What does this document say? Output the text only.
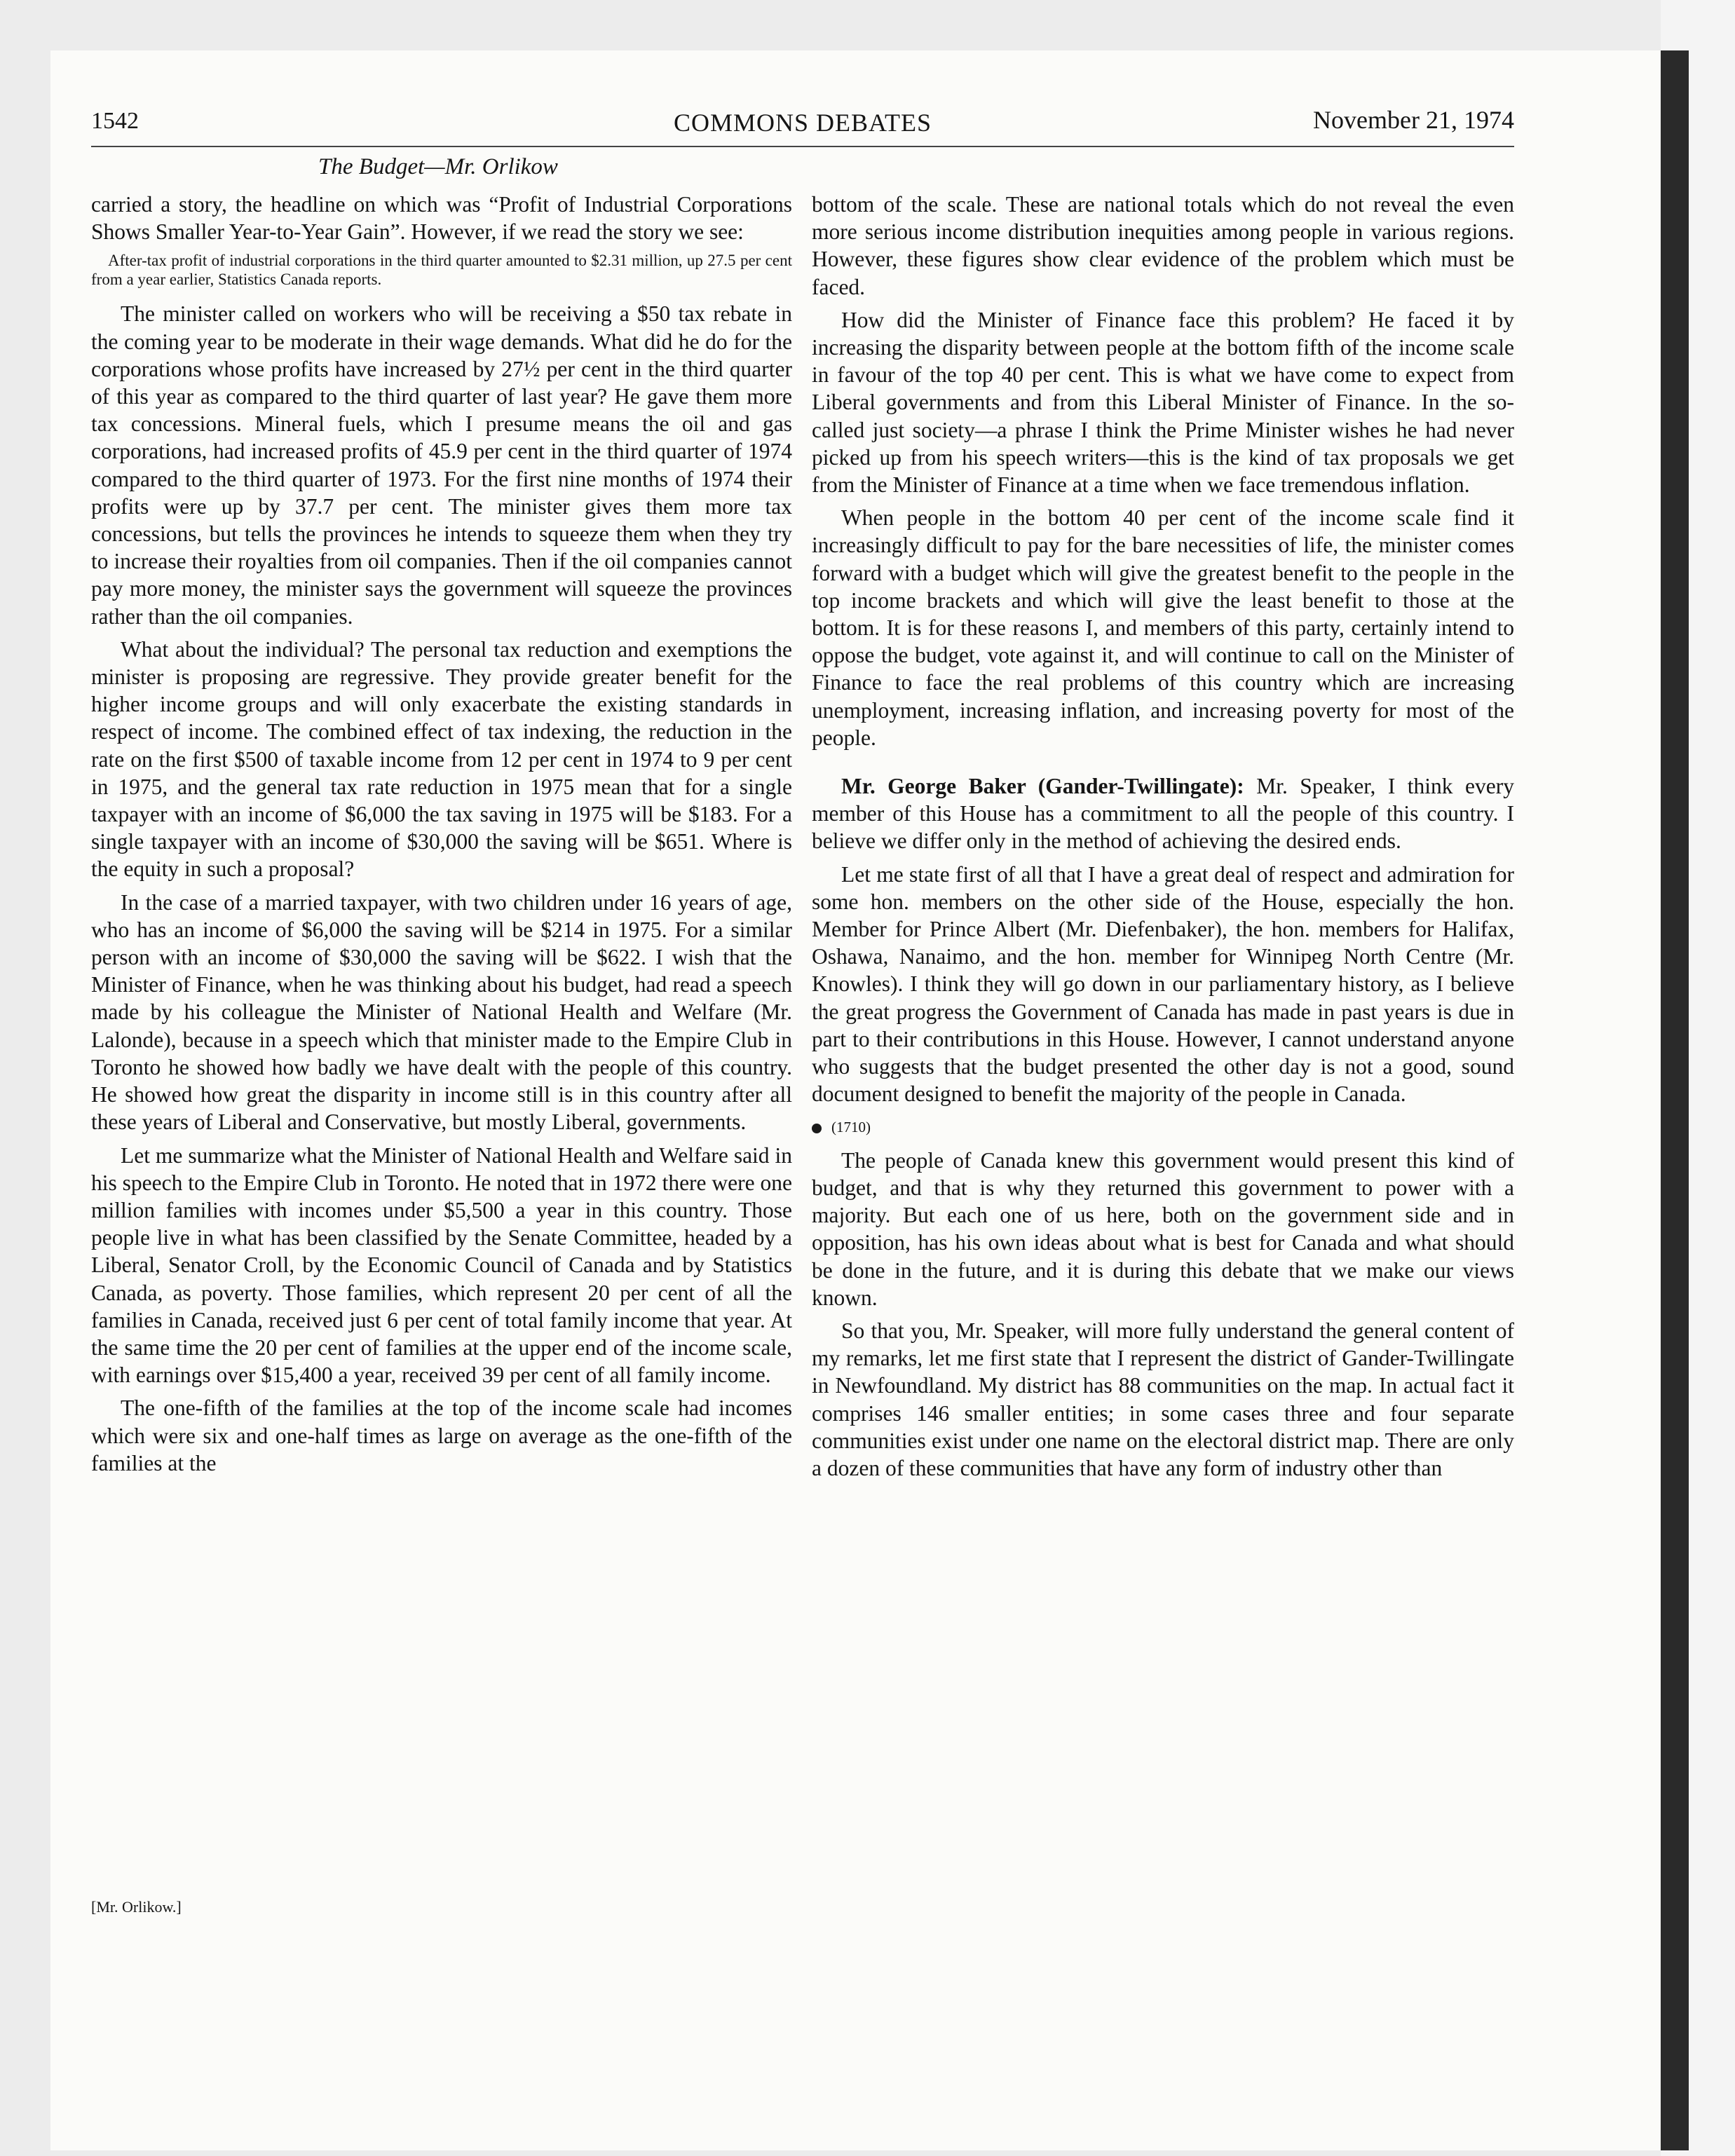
1542	COMMONS DEBATES	November 21, 1974
The Budget—Mr. Orlikow

carried a story, the headline on which was “Profit of Industrial Corporations Shows Smaller Year-to-Year Gain”. However, if we read the story we see:

After-tax profit of industrial corporations in the third quarter amounted to $2.31 million, up 27.5 per cent from a year earlier, Statistics Canada reports.

The minister called on workers who will be receiving a $50 tax rebate in the coming year to be moderate in their wage demands. What did he do for the corporations whose profits have increased by 27½ per cent in the third quarter of this year as compared to the third quarter of last year? He gave them more tax concessions. Mineral fuels, which I presume means the oil and gas corporations, had increased profits of 45.9 per cent in the third quarter of 1974 compared to the third quarter of 1973. For the first nine months of 1974 their profits were up by 37.7 per cent. The minister gives them more tax concessions, but tells the provinces he intends to squeeze them when they try to increase their royalties from oil companies. Then if the oil companies cannot pay more money, the minister says the government will squeeze the provinces rather than the oil companies.

What about the individual? The personal tax reduction and exemptions the minister is proposing are regressive. They provide greater benefit for the higher income groups and will only exacerbate the existing standards in respect of income. The combined effect of tax indexing, the reduction in the rate on the first $500 of taxable income from 12 per cent in 1974 to 9 per cent in 1975, and the general tax rate reduction in 1975 mean that for a single taxpayer with an income of $6,000 the tax saving in 1975 will be $183. For a single taxpayer with an income of $30,000 the saving will be $651. Where is the equity in such a proposal?

In the case of a married taxpayer, with two children under 16 years of age, who has an income of $6,000 the saving will be $214 in 1975. For a similar person with an income of $30,000 the saving will be $622. I wish that the Minister of Finance, when he was thinking about his budget, had read a speech made by his colleague the Minister of National Health and Welfare (Mr. Lalonde), because in a speech which that minister made to the Empire Club in Toronto he showed how badly we have dealt with the people of this country. He showed how great the disparity in income still is in this country after all these years of Liberal and Conservative, but mostly Liberal, governments.

Let me summarize what the Minister of National Health and Welfare said in his speech to the Empire Club in Toronto. He noted that in 1972 there were one million families with incomes under $5,500 a year in this country. Those people live in what has been classified by the Senate Committee, headed by a Liberal, Senator Croll, by the Economic Council of Canada and by Statistics Canada, as poverty. Those families, which represent 20 per cent of all the families in Canada, received just 6 per cent of total family income that year. At the same time the 20 per cent of families at the upper end of the income scale, with earnings over $15,400 a year, received 39 per cent of all family income.

The one-fifth of the families at the top of the income scale had incomes which were six and one-half times as large on average as the one-fifth of the families at the

[Mr. Orlikow.]

bottom of the scale. These are national totals which do not reveal the even more serious income distribution inequities among people in various regions. However, these figures show clear evidence of the problem which must be faced.

How did the Minister of Finance face this problem? He faced it by increasing the disparity between people at the bottom fifth of the income scale in favour of the top 40 per cent. This is what we have come to expect from Liberal governments and from this Liberal Minister of Finance. In the so-called just society—a phrase I think the Prime Minister wishes he had never picked up from his speech writers—this is the kind of tax proposals we get from the Minister of Finance at a time when we face tremendous inflation.

When people in the bottom 40 per cent of the income scale find it increasingly difficult to pay for the bare necessities of life, the minister comes forward with a budget which will give the greatest benefit to the people in the top income brackets and which will give the least benefit to those at the bottom. It is for these reasons I, and members of this party, certainly intend to oppose the budget, vote against it, and will continue to call on the Minister of Finance to face the real problems of this country which are increasing unemployment, increasing inflation, and increasing poverty for most of the people.

Mr. George Baker (Gander-Twillingate): Mr. Speaker, I think every member of this House has a commitment to all the people of this country. I believe we differ only in the method of achieving the desired ends.

Let me state first of all that I have a great deal of respect and admiration for some hon. members on the other side of the House, especially the hon. Member for Prince Albert (Mr. Diefenbaker), the hon. members for Halifax, Oshawa, Nanaimo, and the hon. member for Winnipeg North Centre (Mr. Knowles). I think they will go down in our parliamentary history, as I believe the great progress the Government of Canada has made in past years is due in part to their contributions in this House. However, I cannot understand anyone who suggests that the budget presented the other day is not a good, sound document designed to benefit the majority of the people in Canada.

(1710)

The people of Canada knew this government would present this kind of budget, and that is why they returned this government to power with a majority. But each one of us here, both on the government side and in opposition, has his own ideas about what is best for Canada and what should be done in the future, and it is during this debate that we make our views known.

So that you, Mr. Speaker, will more fully understand the general content of my remarks, let me first state that I represent the district of Gander-Twillingate in Newfoundland. My district has 88 communities on the map. In actual fact it comprises 146 smaller entities; in some cases three and four separate communities exist under one name on the electoral district map. There are only a dozen of these communities that have any form of industry other than
